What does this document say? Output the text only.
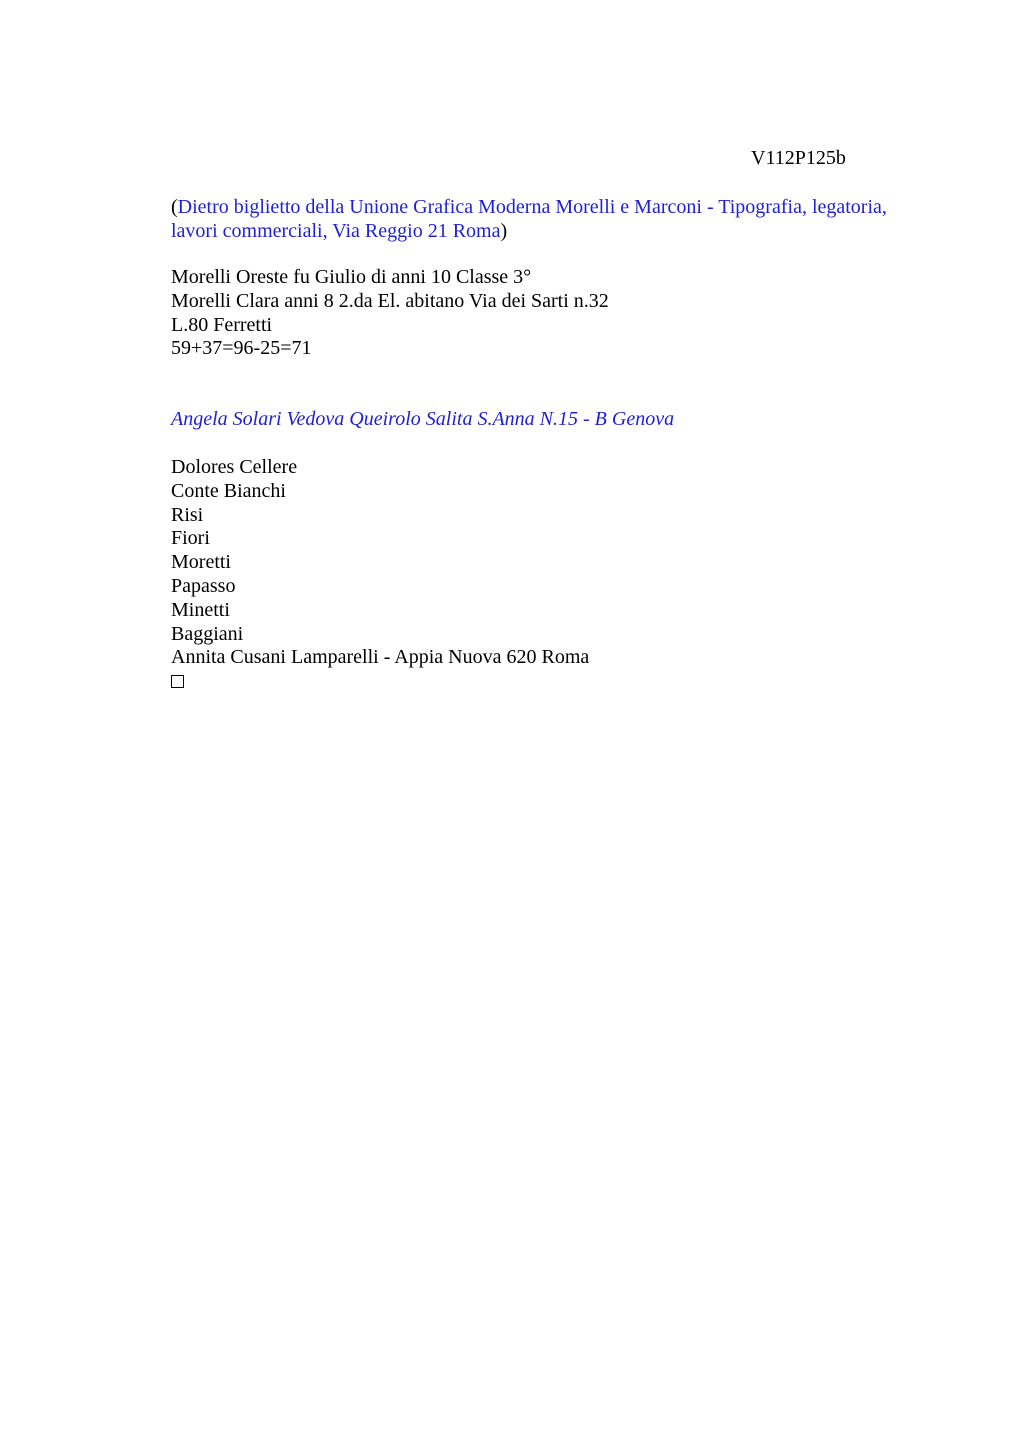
V112P125b
(Dietro biglietto della Unione Grafica Moderna Morelli e Marconi - Tipografia, legatoria, lavori commerciali, Via Reggio 21 Roma)
Morelli Oreste fu Giulio di anni 10 Classe 3°
Morelli Clara anni 8 2.da El. abitano Via dei Sarti n.32
L.80 Ferretti
59+37=96-25=71
Angela Solari Vedova Queirolo Salita S.Anna N.15 - B Genova
Dolores Cellere
Conte Bianchi
Risi
Fiori
Moretti
Papasso
Minetti
Baggiani
Annita Cusani Lamparelli - Appia Nuova 620 Roma
